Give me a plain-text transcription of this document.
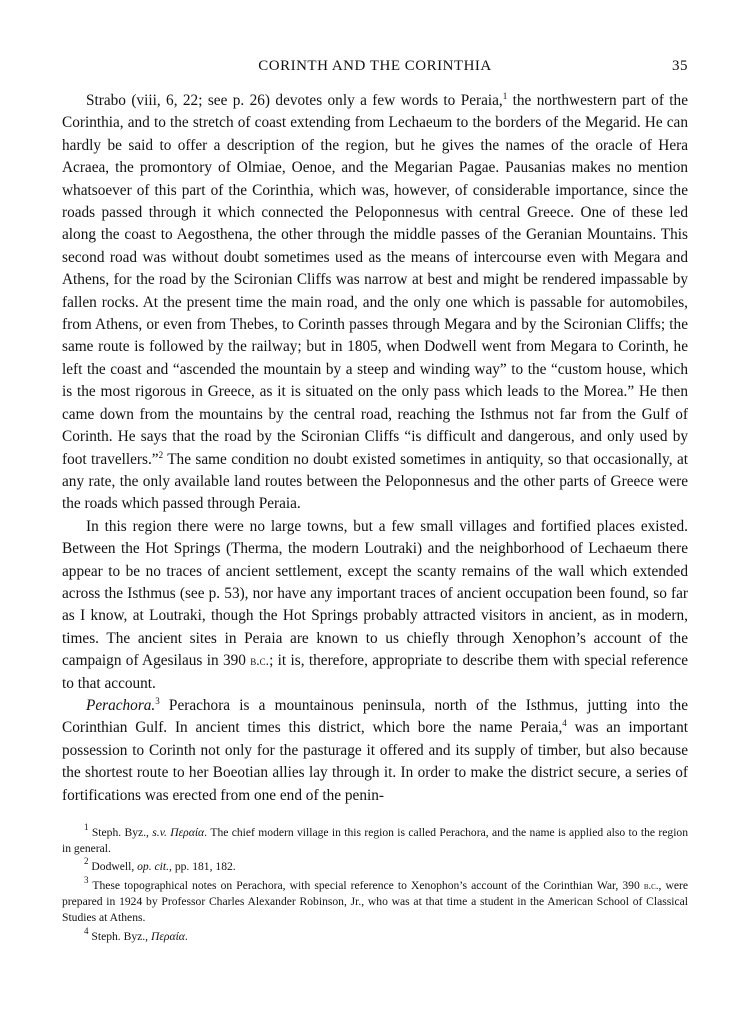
CORINTH AND THE CORINTHIA	35

Strabo (viii, 6, 22; see p. 26) devotes only a few words to Peraia,$^1$ the northwestern part of the Corinthia, and to the stretch of coast extending from Lechaeum to the borders of the Megarid. He can hardly be said to offer a description of the region, but he gives the names of the oracle of Hera Acraea, the promontory of Olmiae, Oenoe, and the Megarian Pagae. Pausanias makes no mention whatsoever of this part of the Corinthia, which was, however, of considerable importance, since the roads passed through it which connected the Peloponnesus with central Greece. One of these led along the coast to Aegosthena, the other through the middle passes of the Geranian Mountains. This second road was without doubt sometimes used as the means of intercourse even with Megara and Athens, for the road by the Scironian Cliffs was narrow at best and might be rendered impassable by fallen rocks. At the present time the main road, and the only one which is passable for automobiles, from Athens, or even from Thebes, to Corinth passes through Megara and by the Scironian Cliffs; the same route is followed by the railway; but in 1805, when Dodwell went from Megara to Corinth, he left the coast and “ascended the mountain by a steep and winding way” to the “custom house, which is the most rigorous in Greece, as it is situated on the only pass which leads to the Morea.” He then came down from the mountains by the central road, reaching the Isthmus not far from the Gulf of Corinth. He says that the road by the Scironian Cliffs “is difficult and dangerous, and only used by foot travellers.”$^2$ The same condition no doubt existed sometimes in antiquity, so that occasionally, at any rate, the only available land routes between the Peloponnesus and the other parts of Greece were the roads which passed through Peraia.

In this region there were no large towns, but a few small villages and fortified places existed. Between the Hot Springs (Therma, the modern Loutraki) and the neighborhood of Lechaeum there appear to be no traces of ancient settlement, except the scanty remains of the wall which extended across the Isthmus (see p. 53), nor have any important traces of ancient occupation been found, so far as I know, at Loutraki, though the Hot Springs probably attracted visitors in ancient, as in modern, times. The ancient sites in Peraia are known to us chiefly through Xenophon’s account of the campaign of Agesilaus in 390 b.c.; it is, therefore, appropriate to describe them with special reference to that account.

Perachora.$^3$ Perachora is a mountainous peninsula, north of the Isthmus, jutting into the Corinthian Gulf. In ancient times this district, which bore the name Peraia,$^4$ was an important possession to Corinth not only for the pasturage it offered and its supply of timber, but also because the shortest route to her Boeotian allies lay through it. In order to make the district secure, a series of fortifications was erected from one end of the penin-

$^1$ Steph. Byz., s.v. Περαία. The chief modern village in this region is called Perachora, and the name is applied also to the region in general.

$^2$ Dodwell, op. cit., pp. 181, 182.

$^3$ These topographical notes on Perachora, with special reference to Xenophon’s account of the Corinthian War, 390 b.c., were prepared in 1924 by Professor Charles Alexander Robinson, Jr., who was at that time a student in the American School of Classical Studies at Athens.

$^4$ Steph. Byz., Περαία.
